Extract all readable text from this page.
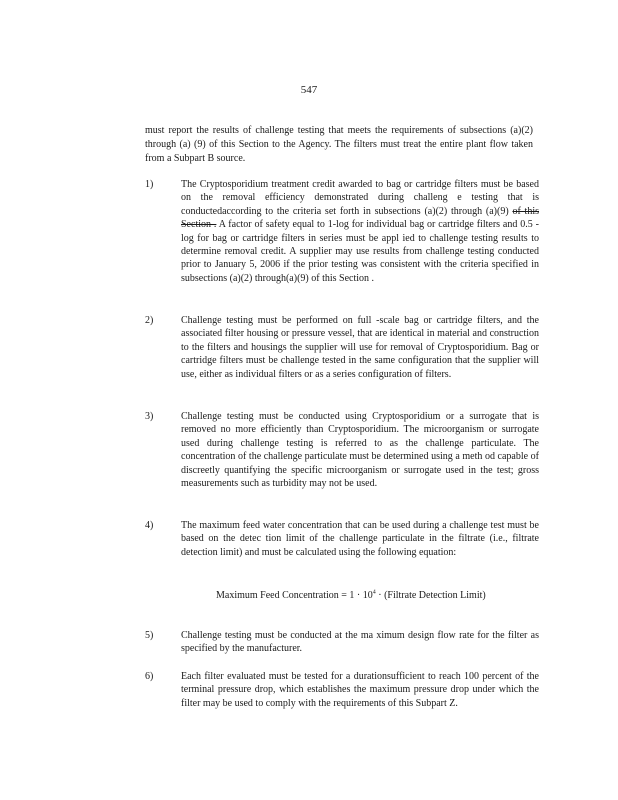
547
must report the results of challenge testing that meets the requirements of subsections (a)(2) through (a) (9) of this Section to the Agency. The filters must treat the entire plant flow taken from a Subpart B source.
1)	The Cryptosporidium treatment credit awarded to bag or cartridge filters must be based on the removal efficiency demonstrated during challeng e testing that is conductedaccording to the criteria set forth in subsections (a)(2) through (a)(9) of this Section . A factor of safety equal to 1-log for individual bag or cartridge filters and 0.5 -log for bag or cartridge filters in series must be appl ied to challenge testing results to determine removal credit. A supplier may use results from challenge testing conducted prior to January 5, 2006 if the prior testing was consistent with the criteria specified in subsections (a)(2) through(a)(9) of this Section .
2)	Challenge testing must be performed on full -scale bag or cartridge filters, and the associated filter housing or pressure vessel, that are identical in material and construction to the filters and housings the supplier will use for removal of Cryptosporidium. Bag or cartridge filters must be challenge tested in the same configuration that the supplier will use, either as individual filters or as a series configuration of filters.
3)	Challenge testing must be conducted using Cryptosporidium or a surrogate that is removed no more efficiently than Cryptosporidium. The microorganism or surrogate used during challenge testing is referred to as the challenge particulate. The concentration of the challenge particulate must be determined using a meth od capable of discreetly quantifying the specific microorganism or surrogate used in the test; gross measurements such as turbidity may not be used.
4)	The maximum feed water concentration that can be used during a challenge test must be based on the detec tion limit of the challenge particulate in the filtrate (i.e., filtrate detection limit) and must be calculated using the following equation:
Maximum Feed Concentration = $1 \cdot 10^4$ · (Filtrate Detection Limit)
5)	Challenge testing must be conducted at the ma ximum design flow rate for the filter as specified by the manufacturer.
6)	Each filter evaluated must be tested for a durationsufficient to reach 100 percent of the terminal pressure drop, which establishes the maximum pressure drop under which the filter may be used to comply with the requirements of this Subpart Z.
